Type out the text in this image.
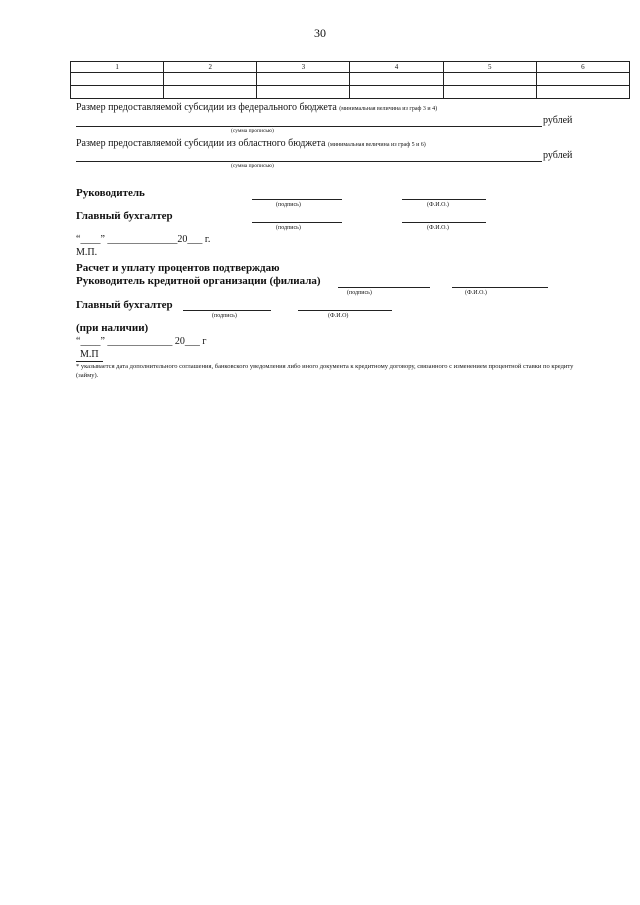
30
1	2	3	4	5	6

Размер предоставляемой субсидии из федерального бюджета (минимальная величина из граф 3 и 4)
рублей
(сумма прописью)
Размер предоставляемой субсидии из областного бюджета (минимальная величина из граф 5 и 6)
рублей
(сумма прописью)
Руководитель
(подпись)	(Ф.И.О.)
Главный бухгалтер
(подпись)	(Ф.И.О.)
“____” ______________20___ г.
М.П.
Расчет и уплату процентов подтверждаю
Руководитель кредитной организации (филиала)
(подпись)	(Ф.И.О.)
Главный бухгалтер
(подпись)	(Ф.И.О)
(при наличии)
“____” _____________ 20___ г
М.П
* указывается дата дополнительного соглашения, банковского уведомления либо иного документа к кредитному договору, связанного с изменением процентной ставки по кредиту (займу).
